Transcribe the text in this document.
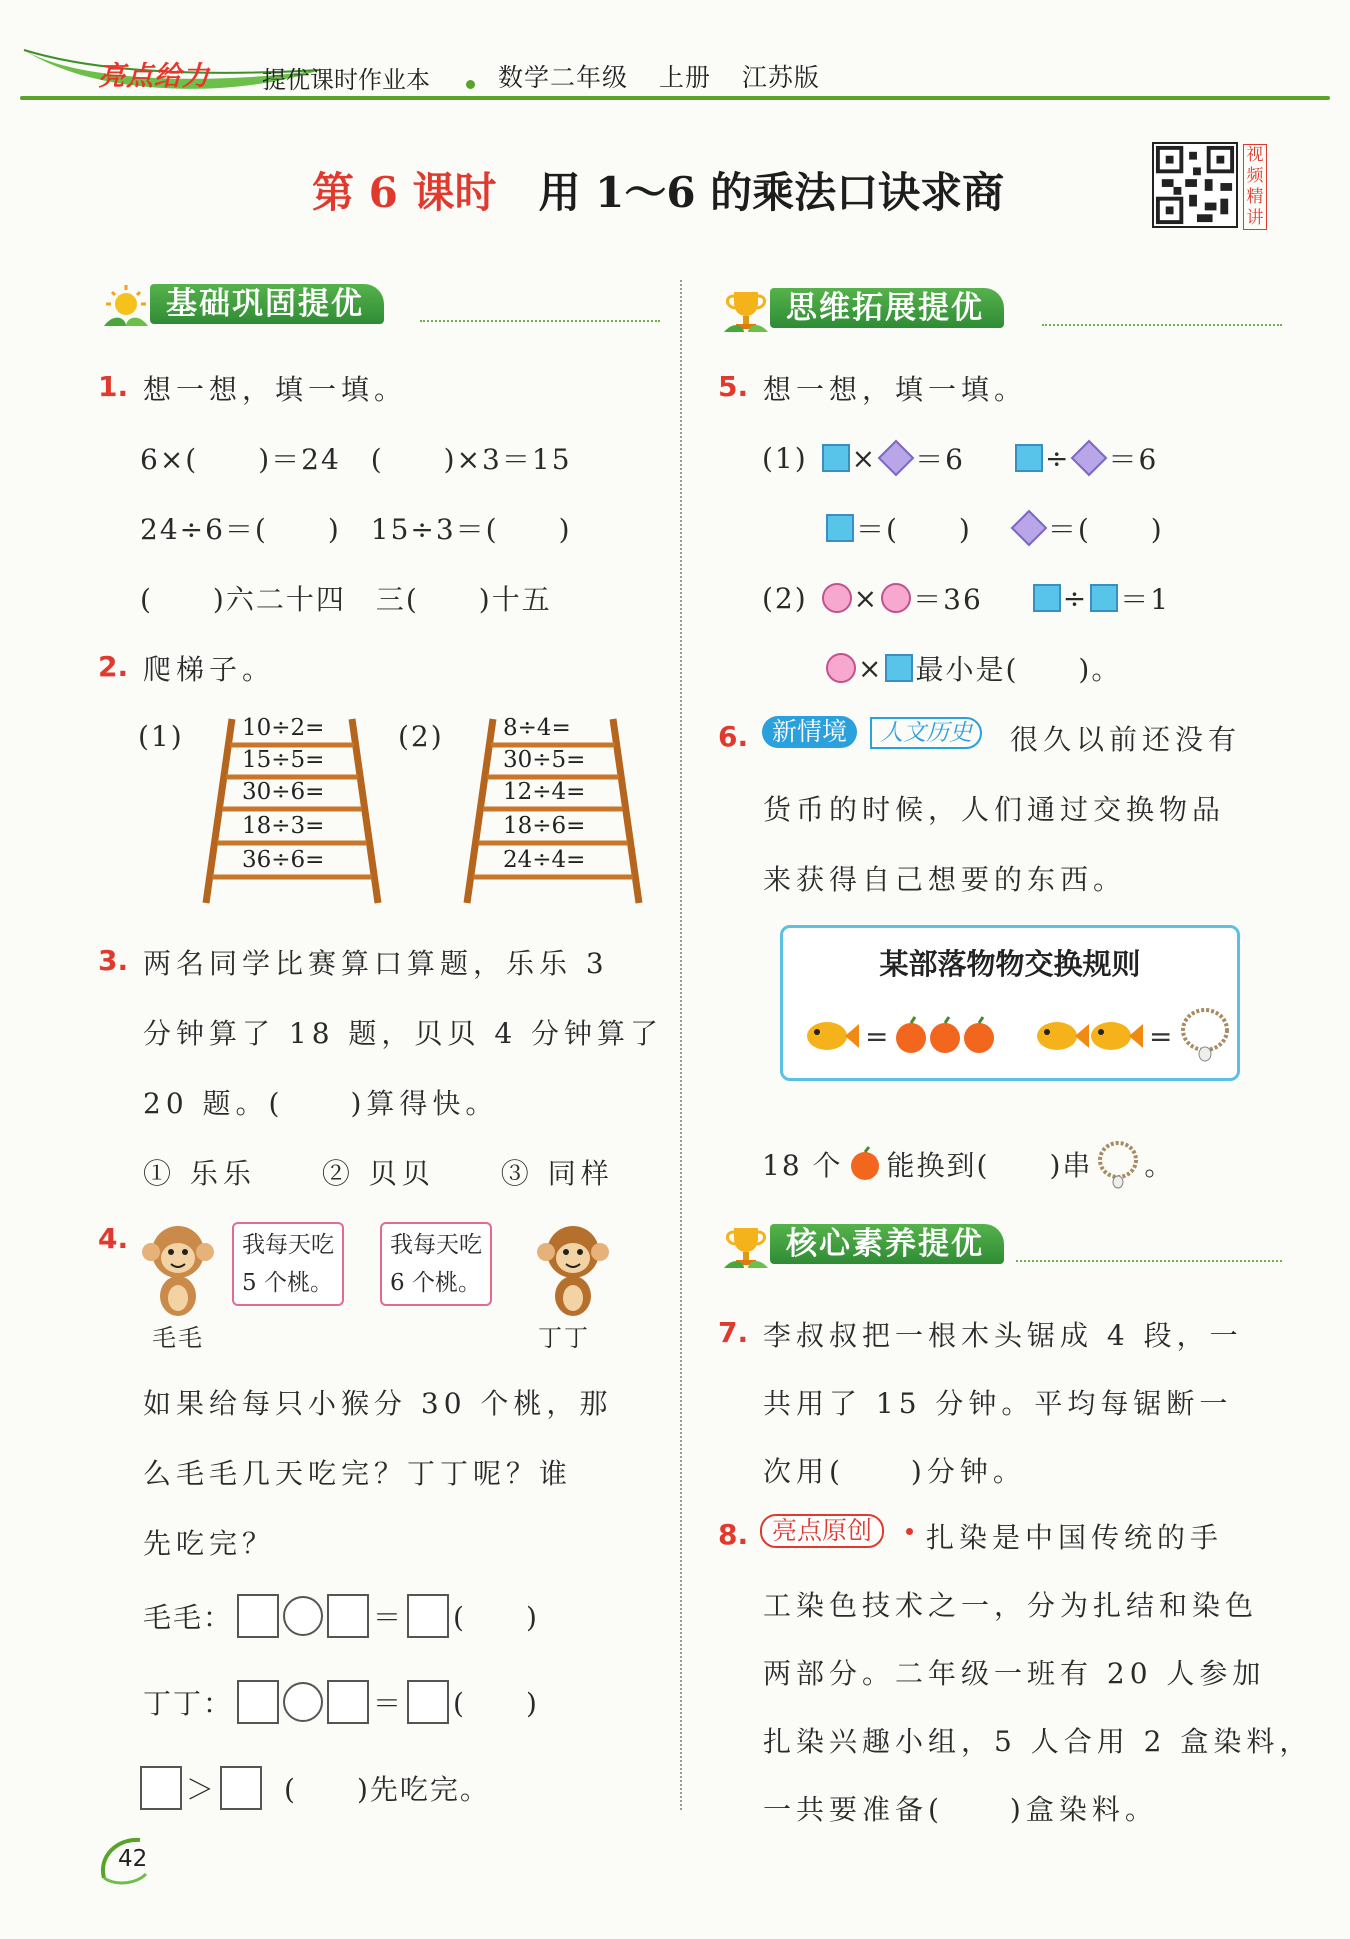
亮点给力 提优课时作业本	数学二年级 上册 江苏版
第 6 课时　 用 1～6 的乘法口诀求商
视频精讲
基础巩固提优	思维拓展提优
核心素养提优
1. 想一想，填一填。
6×(　　)＝24　(　　)×3＝15
24÷6＝(　　)　15÷3＝(　　)
(　　)六二十四　三(　　)十五
2. 爬梯子。
(1)	10÷2=
15÷5=
30÷6=
18÷3=
36÷6=
(2)	8÷4=
30÷5=
12÷4=
18÷6=
24÷4=
3. 两名同学比赛算口算题，乐乐 3
分钟算了 18 题，贝贝 4 分钟算了
20 题。(　　)算得快。
① 乐乐　　② 贝贝　　③ 同样
4.	我每天吃
5 个桃。
我每天吃
6 个桃。
毛毛	丁丁
如果给每只小猴分 30 个桃，那
么毛毛几天吃完？丁丁呢？谁
先吃完？
毛毛：	＝ (　　)
丁丁：	＝ (　　)
＞ (　　)先吃完。
5. 想一想，填一填。
(1) × ＝6	÷ ＝6
＝(　　)	＝(　　)
(2) × ＝36	÷ ＝1
× 最小是(　　)。
6. 新情境	人文历史	很久以前还没有
货币的时候，人们通过交换物品
来获得自己想要的东西。
某部落物物交换规则
=	=
18 个 能换到(　　)串 。
7. 李叔叔把一根木头锯成 4 段，一
共用了 15 分钟。平均每锯断一
次用(　　)分钟。
8. 亮点原创	扎染是中国传统的手
工染色技术之一，分为扎结和染色
两部分。二年级一班有 20 人参加
扎染兴趣小组，5 人合用 2 盒染料，
一共要准备(　　)盒染料。
42
